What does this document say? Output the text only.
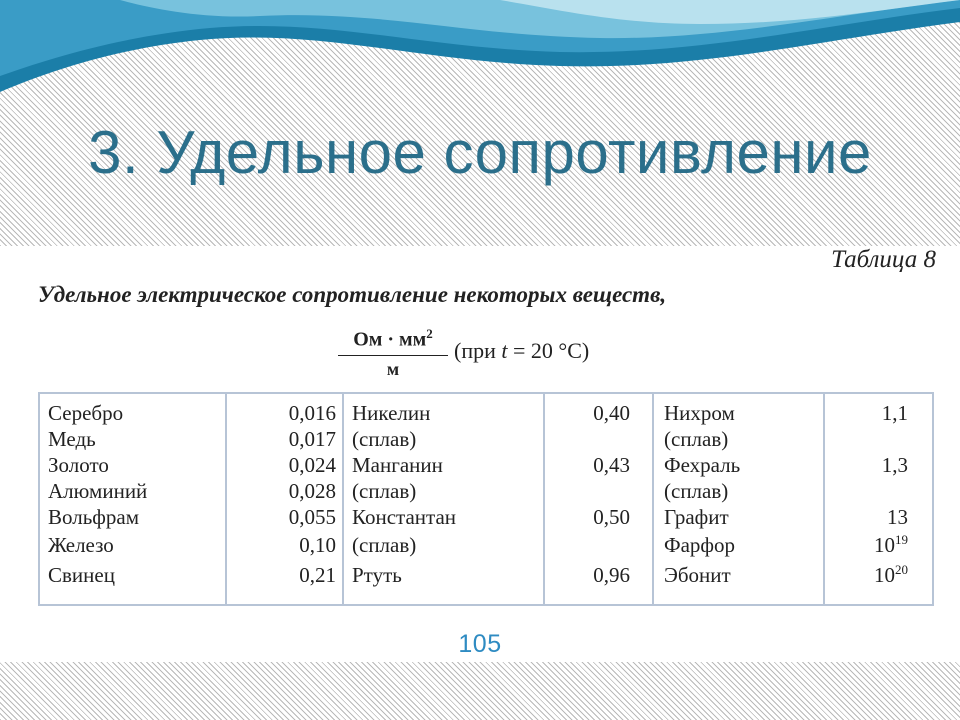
3. Удельное сопротивление
Таблица 8
Удельное электрическое сопротивление некоторых веществ,
Ом · $мм^2$
м
(при t = 20 °С)
Серебро
Медь
Золото
Алюминий
Вольфрам
Железо
Свинец
0,016
0,017
0,024
0,028
0,055
0,10
0,21
Никелин
(сплав)
Манганин
(сплав)
Константан
(сплав)
Ртуть
0,40
0,43
0,50
0,96
Нихром
(сплав)
Фехраль
(сплав)
Графит
Фарфор
Эбонит
1,1
1,3
13
$10^{19}$
$10^{20}$
105
